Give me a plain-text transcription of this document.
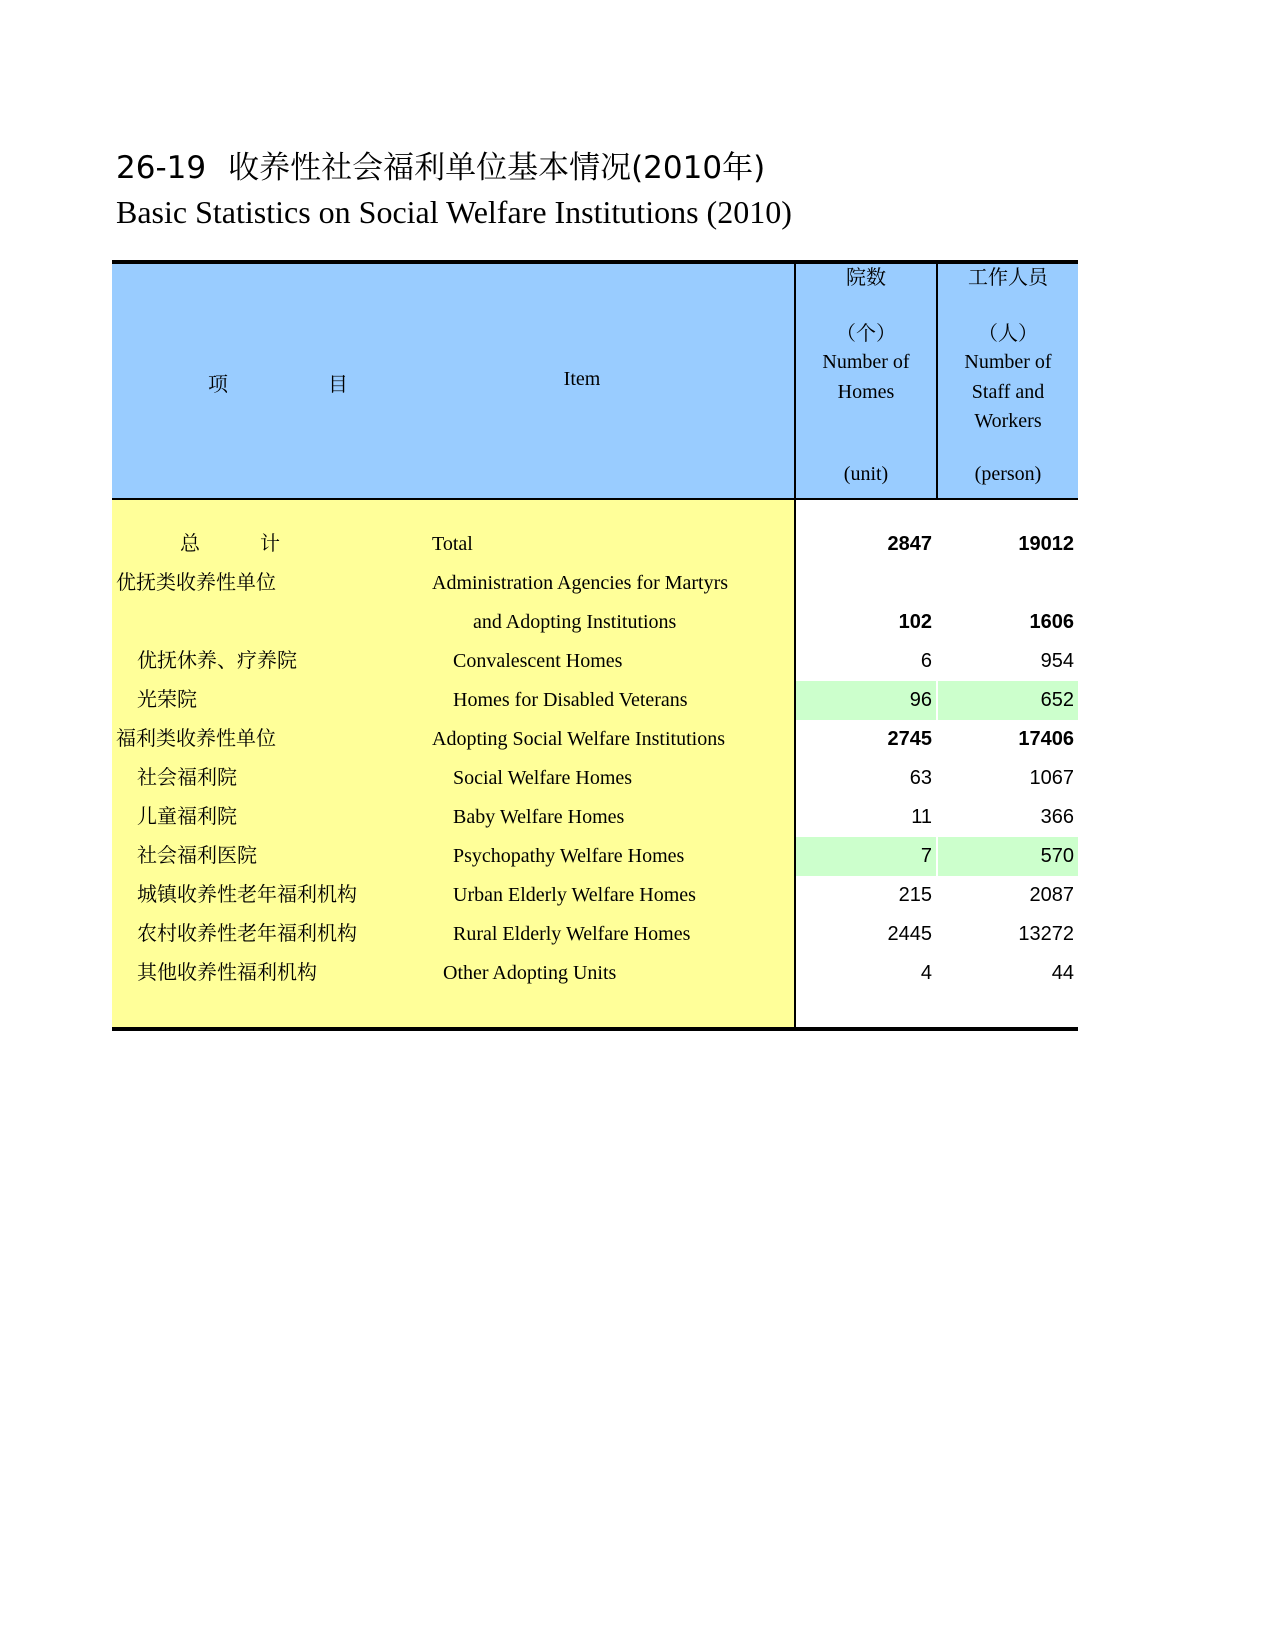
26-19 收养性社会福利单位基本情况(2010年)
Basic Statistics on Social Welfare Institutions (2010)
项	目	Item
院数
（个）
Number of
Homes
(unit)
工作人员
（人）
Number of
Staff and
Workers
(person)
总	计	Total	2847	19012
优抚类收养性单位	Administration Agencies for Martyrs
and Adopting Institutions	102	1606
优抚休养、疗养院	Convalescent Homes	6	954
光荣院	Homes for Disabled Veterans	96	652
福利类收养性单位	Adopting Social Welfare Institutions	2745	17406
社会福利院	Social Welfare Homes	63	1067
儿童福利院	Baby Welfare Homes	11	366
社会福利医院	Psychopathy Welfare Homes	7	570
城镇收养性老年福利机构	Urban Elderly Welfare Homes	215	2087
农村收养性老年福利机构	Rural Elderly Welfare Homes	2445	13272
其他收养性福利机构	Other Adopting Units	4	44
